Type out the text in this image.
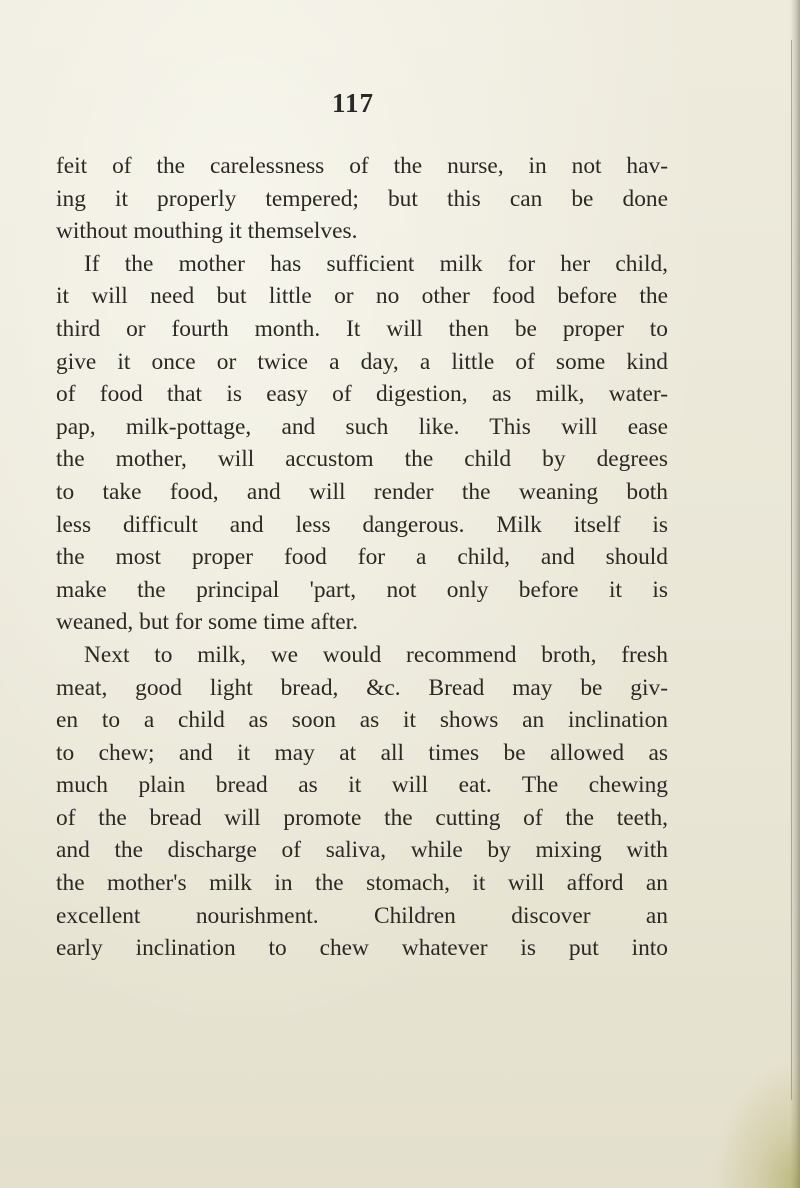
117
feit of the carelessness of the nurse, in not hav-
ing it properly tempered; but this can be done
without mouthing it themselves.
If the mother has sufficient milk for her child,
it will need but little or no other food before the
third or fourth month. It will then be proper to
give it once or twice a day, a little of some kind
of food that is easy of digestion, as milk, water-
pap, milk-pottage, and such like. This will ease
the mother, will accustom the child by degrees
to take food, and will render the weaning both
less difficult and less dangerous. Milk itself is
the most proper food for a child, and should
make the principal 'part, not only before it is
weaned, but for some time after.
Next to milk, we would recommend broth, fresh
meat, good light bread, &c. Bread may be giv-
en to a child as soon as it shows an inclination
to chew; and it may at all times be allowed as
much plain bread as it will eat. The chewing
of the bread will promote the cutting of the teeth,
and the discharge of saliva, while by mixing with
the mother's milk in the stomach, it will afford an
excellent nourishment. Children discover an
early inclination to chew whatever is put into
